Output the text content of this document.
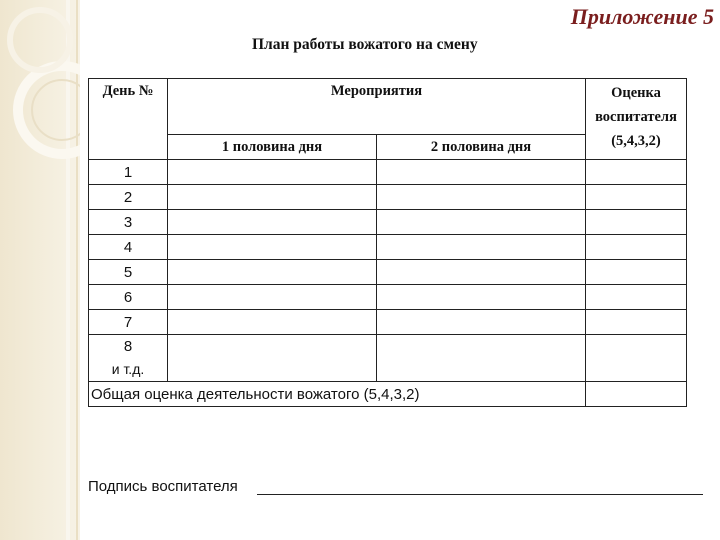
Приложение 5
План работы вожатого на смену
День №	Мероприятия		Оценка
воспитателя
(5,4,3,2)

	1 половина дня	2 половина дня	
1			
2			
3			
4			
5			
6			
7			

8
и т.д.			
Общая оценка деятельности вожатого (5,4,3,2)			
Подпись воспитателя
